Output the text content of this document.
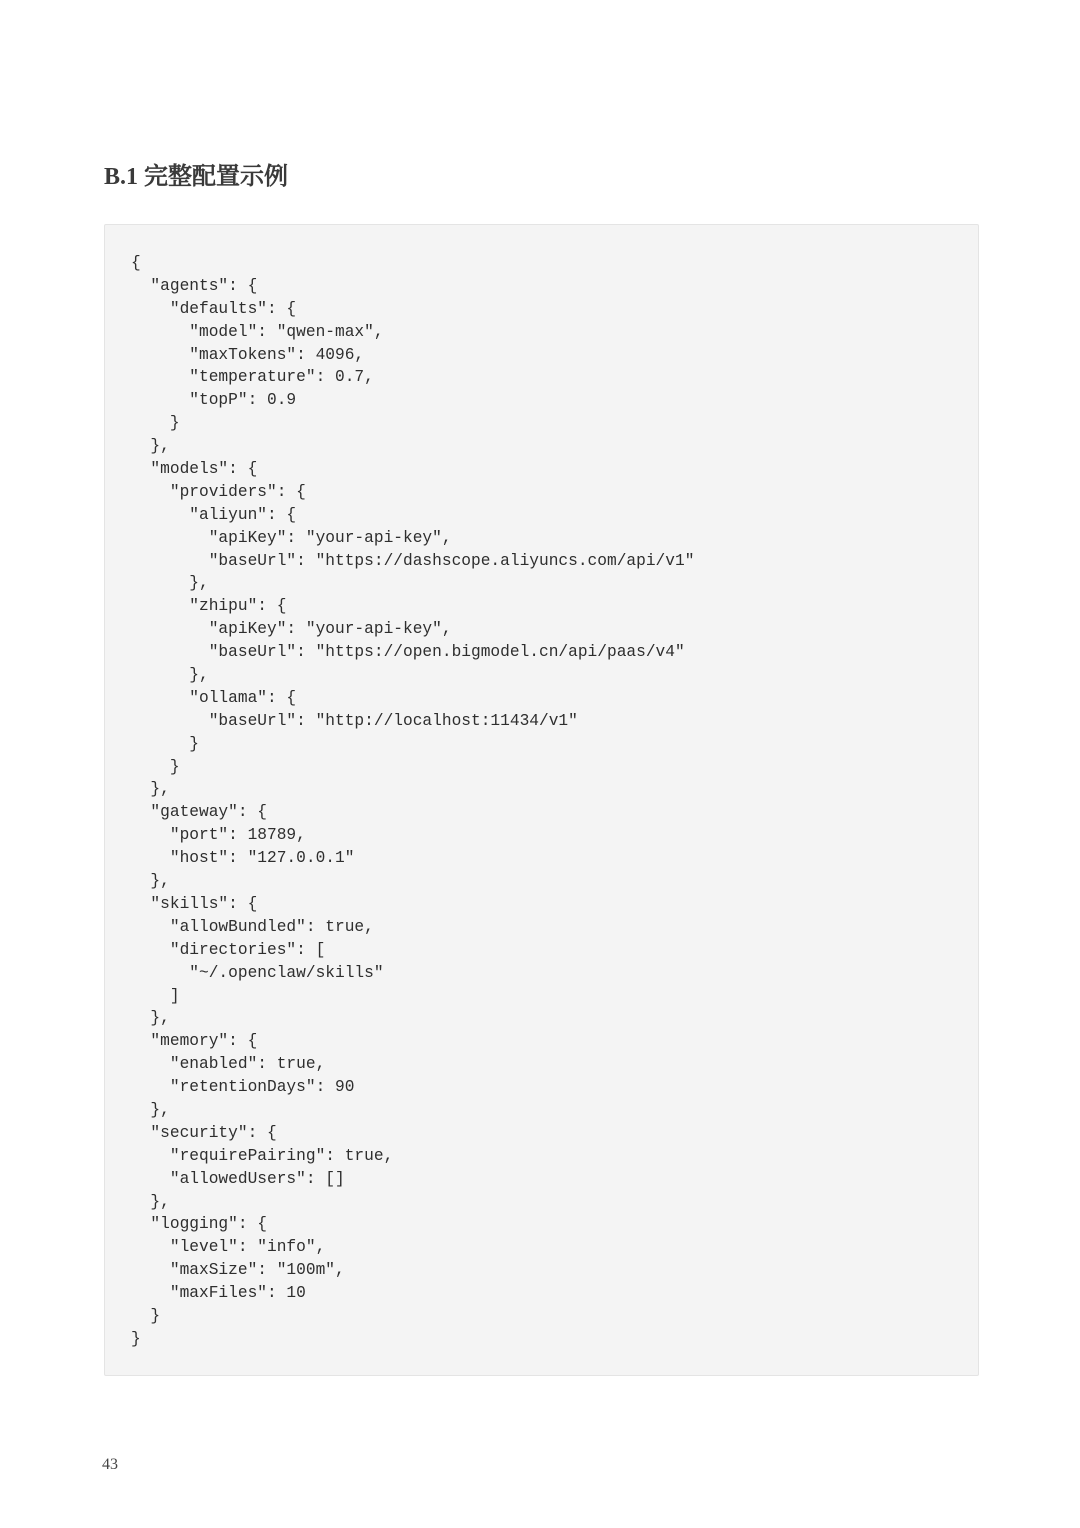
B.1 完整配置示例
{
"agents": {
"defaults": {
"model": "qwen-max",
"maxTokens": 4096,
"temperature": 0.7,
"topP": 0.9
}
},
"models": {
"providers": {
"aliyun": {
"apiKey": "your-api-key",
"baseUrl": "https://dashscope.aliyuncs.com/api/v1"
},
"zhipu": {
"apiKey": "your-api-key",
"baseUrl": "https://open.bigmodel.cn/api/paas/v4"
},
"ollama": {
"baseUrl": "http://localhost:11434/v1"
}
}
},
"gateway": {
"port": 18789,
"host": "127.0.0.1"
},
"skills": {
"allowBundled": true,
"directories": [
"~/.openclaw/skills"
]
},
"memory": {
"enabled": true,
"retentionDays": 90
},
"security": {
"requirePairing": true,
"allowedUsers": []
},
"logging": {
"level": "info",
"maxSize": "100m",
"maxFiles": 10
}
}
43
